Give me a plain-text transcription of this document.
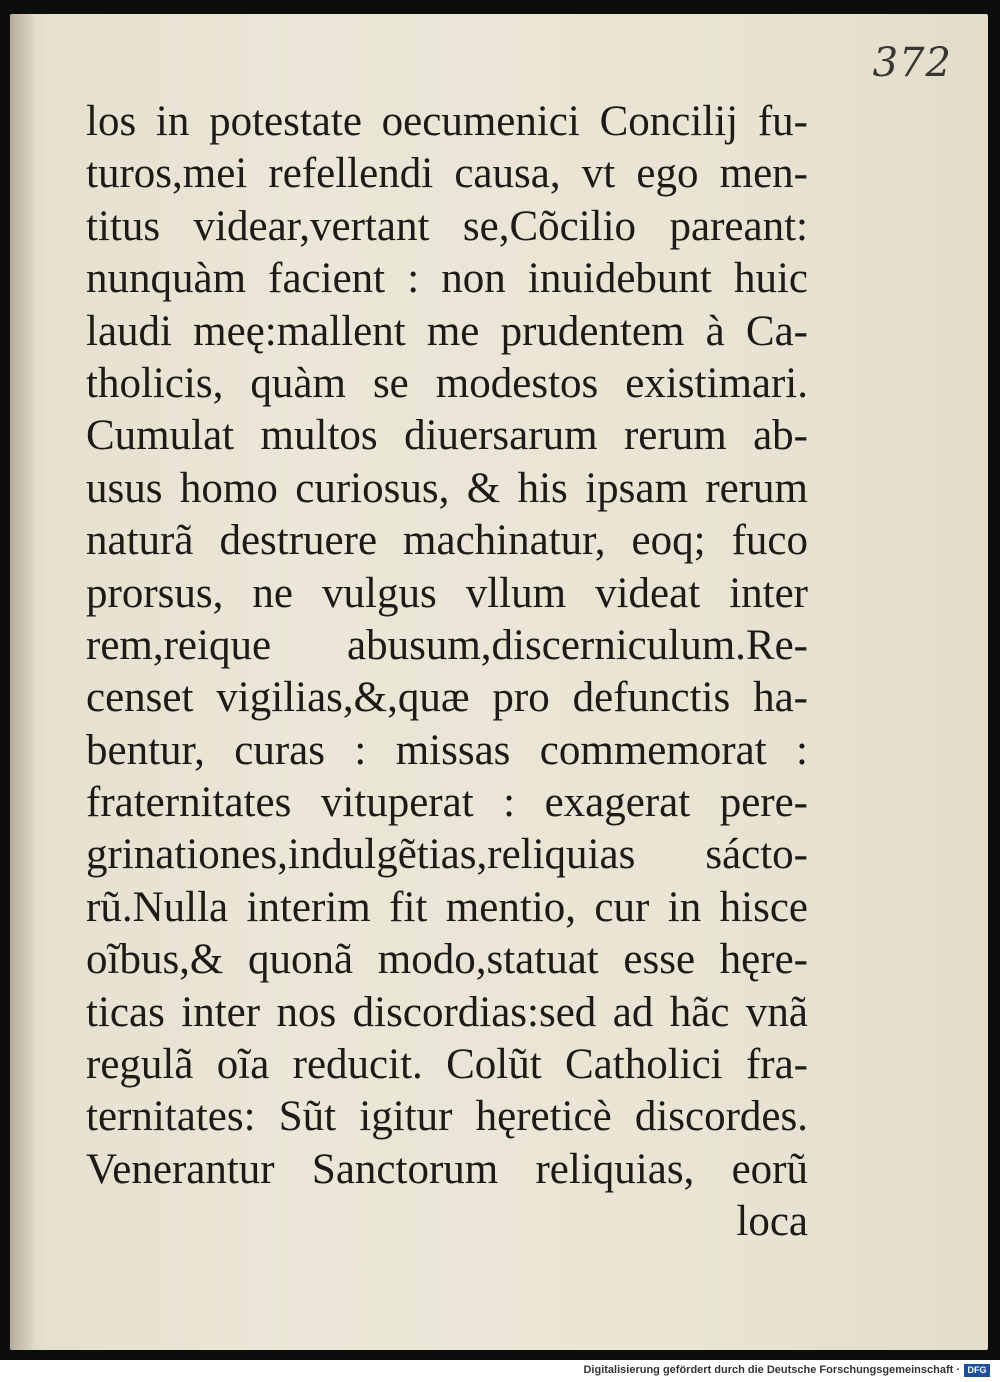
372
los in potestate oecumenici Concilij fu-
turos,mei refellendi causa, vt ego men-
titus videar,vertant se,Cõcilio pareant:
nunquàm facient : non inuidebunt huic
laudi meę:mallent me prudentem à Ca-
tholicis, quàm se modestos existimari.
Cumulat multos diuersarum rerum ab-
usus homo curiosus, & his ipsam rerum
naturã destruere machinatur, eoq; fuco
prorsus, ne vulgus vllum videat inter
rem,reique abusum,discerniculum.Re-
censet vigilias,&,quæ pro defunctis ha-
bentur, curas : missas commemorat :
fraternitates vituperat : exagerat pere-
grinationes,indulgẽtias,reliquias sácto-
rũ.Nulla interim fit mentio, cur in hisce
oĩbus,& quonã modo,statuat esse hęre-
ticas inter nos discordias:sed ad hãc vnã
regulã oĩa reducit. Colũt Catholici fra-
ternitates: Sũt igitur hęreticè discordes.
Venerantur Sanctorum reliquias, eorũ
loca
Digitalisierung gefördert durch die Deutsche Forschungsgemeinschaft · DFG
